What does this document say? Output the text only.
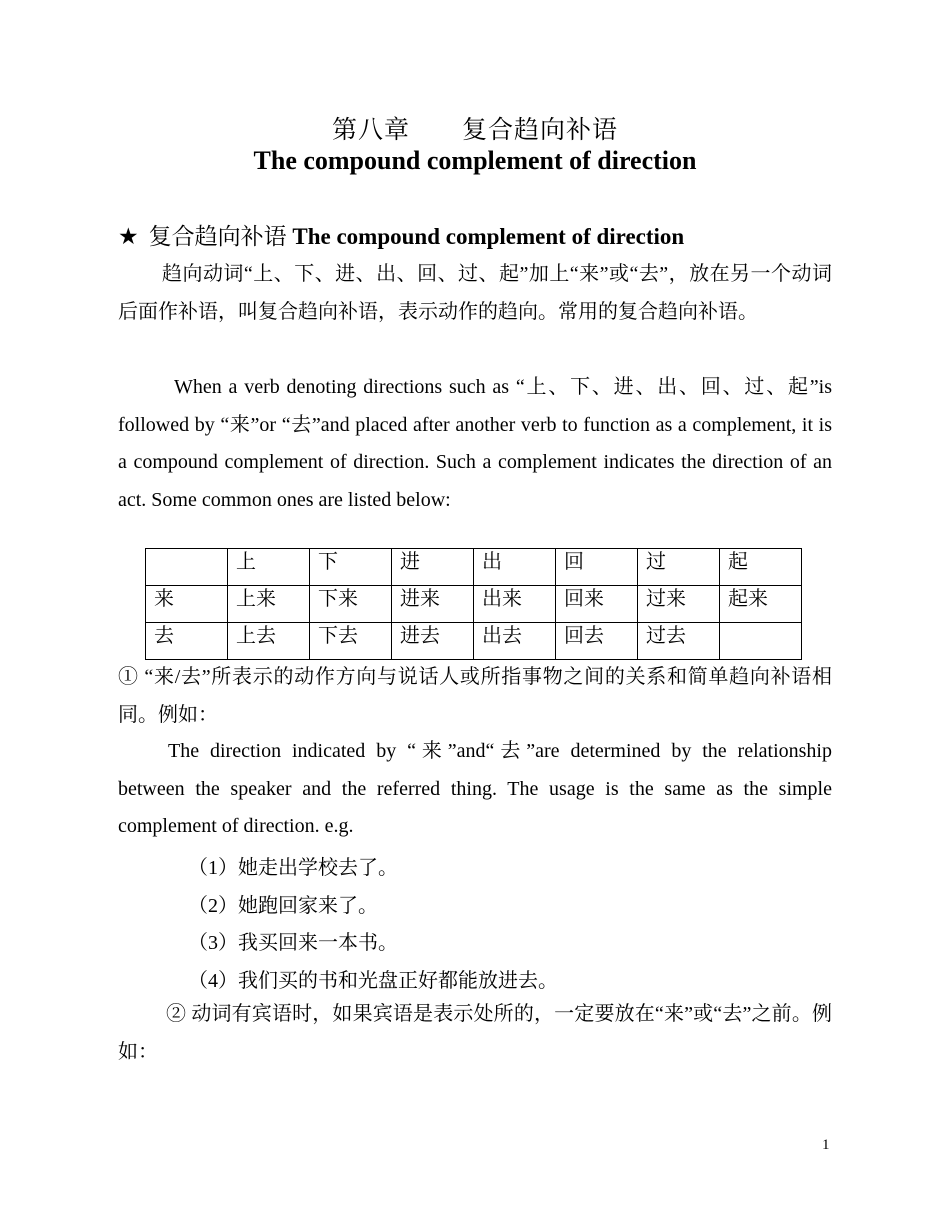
第八章　　复合趋向补语
The compound complement of direction
★ 复合趋向补语 The compound complement of direction

趋向动词“上、下、进、出、回、过、起”加上“来”或“去”，放在另一个动词后面作补语，叫复合趋向补语，表示动作的趋向。常用的复合趋向补语。

When a verb denoting directions such as “上、下、进、出、回、过、起”is followed by “来”or “去”and placed after another verb to function as a complement, it is a compound complement of direction. Such a complement indicates the direction of an act. Some common ones are listed below:

	上	下	进	出	回	过	起
来	上来	下来	进来	出来	回来	过来	起来
去	上去	下去	进去	出去	回去	过去	

① “来/去”所表示的动作方向与说话人或所指事物之间的关系和简单趋向补语相同。例如：

The direction indicated by “来”and“去”are determined by the relationship between the speaker and the referred thing. The usage is the same as the simple complement of direction. e.g.

（1）她走出学校去了。
（2）她跑回家来了。
（3）我买回来一本书。
（4）我们买的书和光盘正好都能放进去。

② 动词有宾语时，如果宾语是表示处所的，一定要放在“来”或“去”之前。例如：

1
